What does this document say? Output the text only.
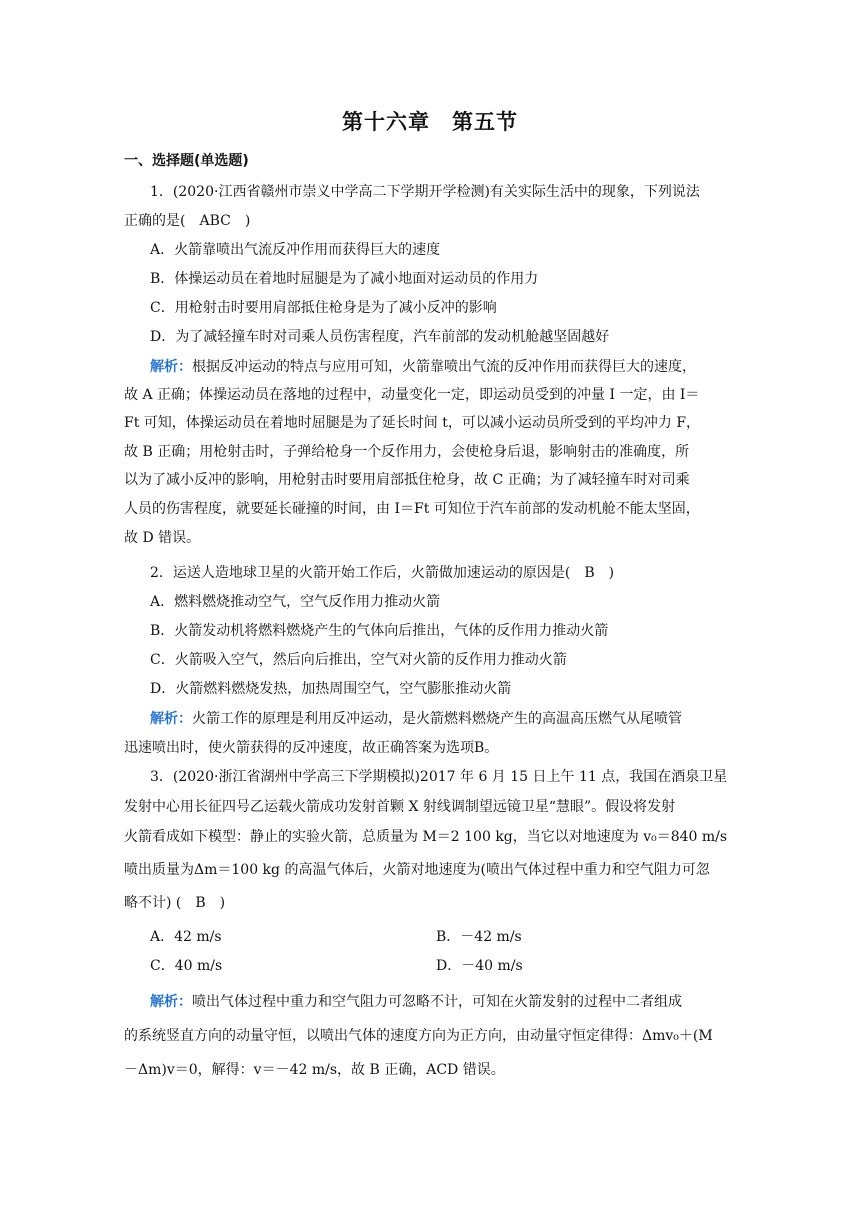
第十六章　第五节
一、选择题(单选题)
1．(2020·江西省赣州市崇义中学高二下学期开学检测)有关实际生活中的现象，下列说法
正确的是(　ABC　)
A．火箭靠喷出气流反冲作用而获得巨大的速度
B．体操运动员在着地时屈腿是为了减小地面对运动员的作用力
C．用枪射击时要用肩部抵住枪身是为了减小反冲的影响
D．为了减轻撞车时对司乘人员伤害程度，汽车前部的发动机舱越坚固越好
解析：根据反冲运动的特点与应用可知，火箭靠喷出气流的反冲作用而获得巨大的速度，
故 A 正确；体操运动员在落地的过程中，动量变化一定，即运动员受到的冲量 I 一定，由 I＝
Ft 可知，体操运动员在着地时屈腿是为了延长时间 t，可以减小运动员所受到的平均冲力 F，
故 B 正确；用枪射击时，子弹给枪身一个反作用力，会使枪身后退，影响射击的准确度，所
以为了减小反冲的影响，用枪射击时要用肩部抵住枪身，故 C 正确；为了减轻撞车时对司乘
人员的伤害程度，就要延长碰撞的时间，由 I＝Ft 可知位于汽车前部的发动机舱不能太坚固，
故 D 错误。
2．运送人造地球卫星的火箭开始工作后，火箭做加速运动的原因是(　B　)
A．燃料燃烧推动空气，空气反作用力推动火箭
B．火箭发动机将燃料燃烧产生的气体向后推出，气体的反作用力推动火箭
C．火箭吸入空气，然后向后推出，空气对火箭的反作用力推动火箭
D．火箭燃料燃烧发热，加热周围空气，空气膨胀推动火箭
解析：火箭工作的原理是利用反冲运动，是火箭燃料燃烧产生的高温高压燃气从尾喷管
迅速喷出时，使火箭获得的反冲速度，故正确答案为选项B。
3．(2020·浙江省湖州中学高三下学期模拟)2017 年 6 月 15 日上午 11 点，我国在酒泉卫星
发射中心用长征四号乙运载火箭成功发射首颗 X 射线调制望远镜卫星“慧眼”。假设将发射
火箭看成如下模型：静止的实验火箭，总质量为 M＝2 100 kg，当它以对地速度为 v₀＝840 m/s
喷出质量为Δm＝100 kg 的高温气体后，火箭对地速度为(喷出气体过程中重力和空气阻力可忽
略不计) (　B　)
A．42 m/s	B．－42 m/s
C．40 m/s	D．－40 m/s
解析：喷出气体过程中重力和空气阻力可忽略不计，可知在火箭发射的过程中二者组成
的系统竖直方向的动量守恒，以喷出气体的速度方向为正方向，由动量守恒定律得：Δmv₀＋(M
－Δm)v＝0，解得：v＝－42 m/s，故 B 正确，ACD 错误。
